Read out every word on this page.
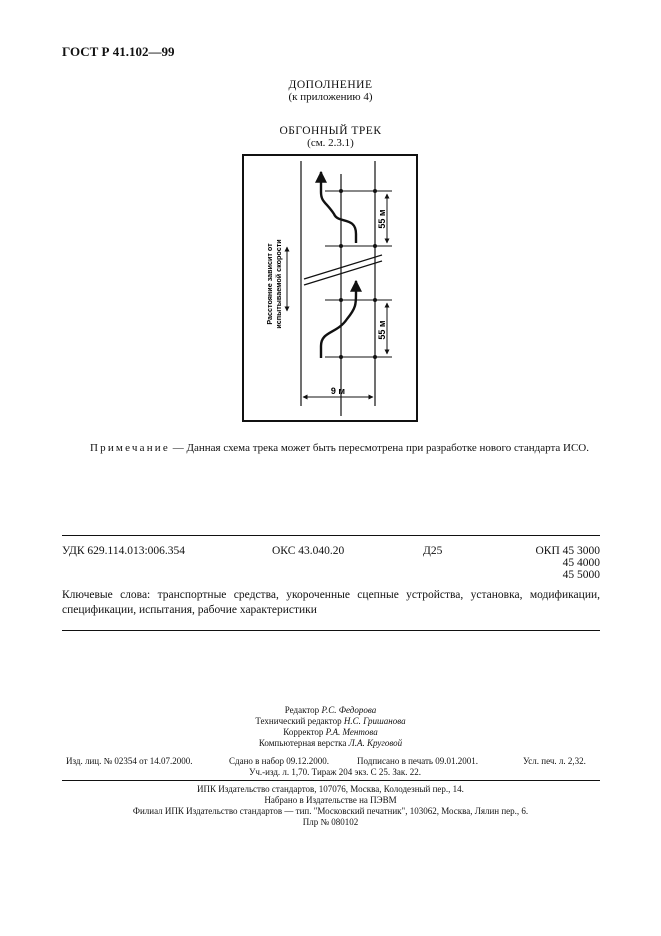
ГОСТ Р 41.102—99
ДОПОЛНЕНИЕ
(к приложению 4)
ОБГОННЫЙ ТРЕК
(см. 2.3.1)
55 м
55 м
9 м
Расстояние зависит от испытываемой скорости
Примечание — Данная схема трека может быть пересмотрена при разработке нового стандарта ИСО.
УДК 629.114.013:006.354	ОКС 43.040.20	Д25	ОКП 45 3000
45 4000
45 5000
Ключевые слова: транспортные средства, укороченные сцепные устройства, установка, модификации, спецификации, испытания, рабочие характеристики
Редактор Р.С. Федорова
Технический редактор Н.С. Гришанова
Корректор Р.А. Ментова
Компьютерная верстка Л.А. Круговой
Изд. лиц. № 02354 от 14.07.2000.	Сдано в набор 09.12.2000.	Подписано в печать 09.01.2001.	Усл. печ. л. 2,32.
Уч.-изд. л. 1,70. Тираж 204 экз. С 25. Зак. 22.
ИПК Издательство стандартов, 107076, Москва, Колодезный пер., 14.
Набрано в Издательстве на ПЭВМ
Филиал ИПК Издательство стандартов — тип. "Московский печатник", 103062, Москва, Лялин пер., 6.
Плр № 080102
